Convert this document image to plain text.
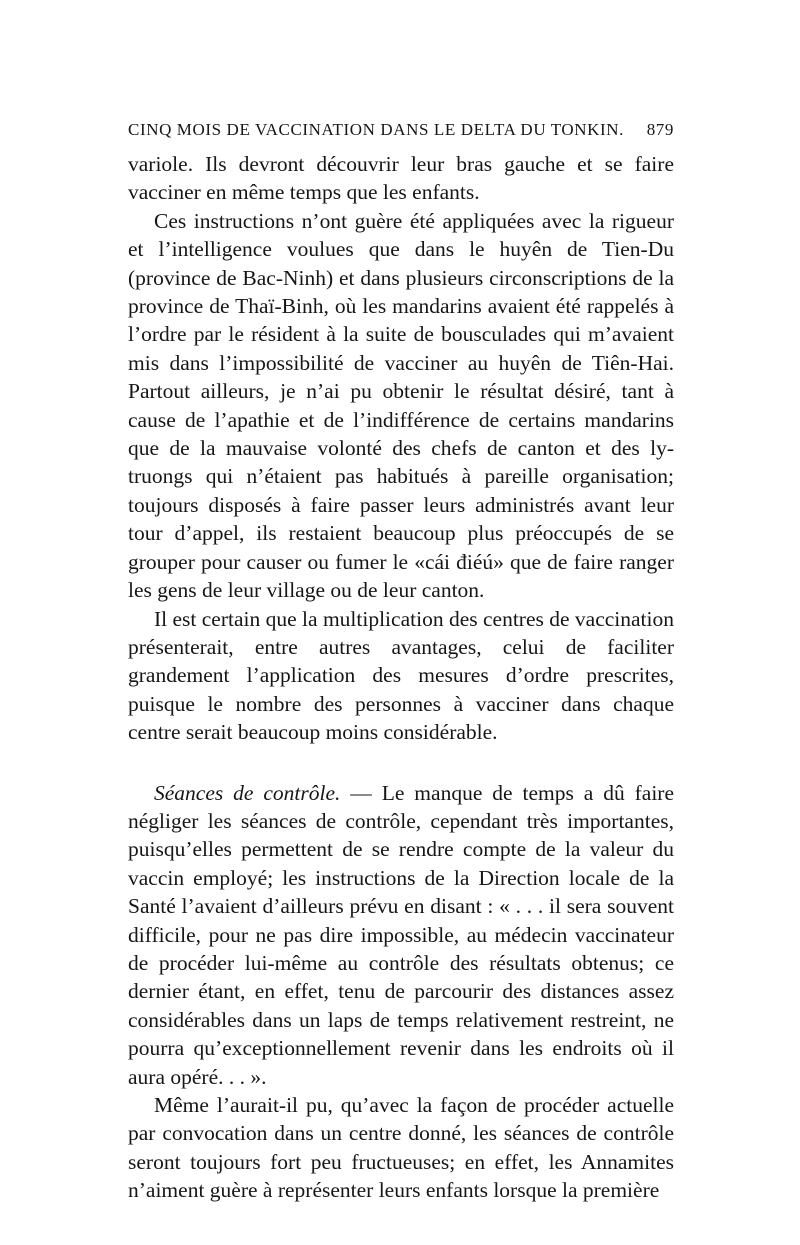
CINQ MOIS DE VACCINATION DANS LE DELTA DU TONKIN. 879

variole. Ils devront découvrir leur bras gauche et se faire vacciner en même temps que les enfants.

Ces instructions n’ont guère été appliquées avec la rigueur et l’intelligence voulues que dans le huyên de Tien-Du (province de Bac-Ninh) et dans plusieurs circonscriptions de la province de Thaï-Binh, où les mandarins avaient été rappelés à l’ordre par le résident à la suite de bousculades qui m’avaient mis dans l’impossibilité de vacciner au huyên de Tiên-Hai. Partout ailleurs, je n’ai pu obtenir le résultat désiré, tant à cause de l’apathie et de l’indifférence de certains mandarins que de la mauvaise volonté des chefs de canton et des ly-truongs qui n’étaient pas habitués à pareille organisation; toujours disposés à faire passer leurs administrés avant leur tour d’appel, ils restaient beaucoup plus préoccupés de se grouper pour causer ou fumer le «cái điéú» que de faire ranger les gens de leur village ou de leur canton.

Il est certain que la multiplication des centres de vaccination présenterait, entre autres avantages, celui de faciliter grandement l’application des mesures d’ordre prescrites, puisque le nombre des personnes à vacciner dans chaque centre serait beaucoup moins considérable.

Séances de contrôle. — Le manque de temps a dû faire négliger les séances de contrôle, cependant très importantes, puisqu’elles permettent de se rendre compte de la valeur du vaccin employé; les instructions de la Direction locale de la Santé l’avaient d’ailleurs prévu en disant : « . . . il sera souvent difficile, pour ne pas dire impossible, au médecin vaccinateur de procéder lui-même au contrôle des résultats obtenus; ce dernier étant, en effet, tenu de parcourir des distances assez considérables dans un laps de temps relativement restreint, ne pourra qu’exceptionnellement revenir dans les endroits où il aura opéré. . . ».

Même l’aurait-il pu, qu’avec la façon de procéder actuelle par convocation dans un centre donné, les séances de contrôle seront toujours fort peu fructueuses; en effet, les Annamites n’aiment guère à représenter leurs enfants lorsque la première
